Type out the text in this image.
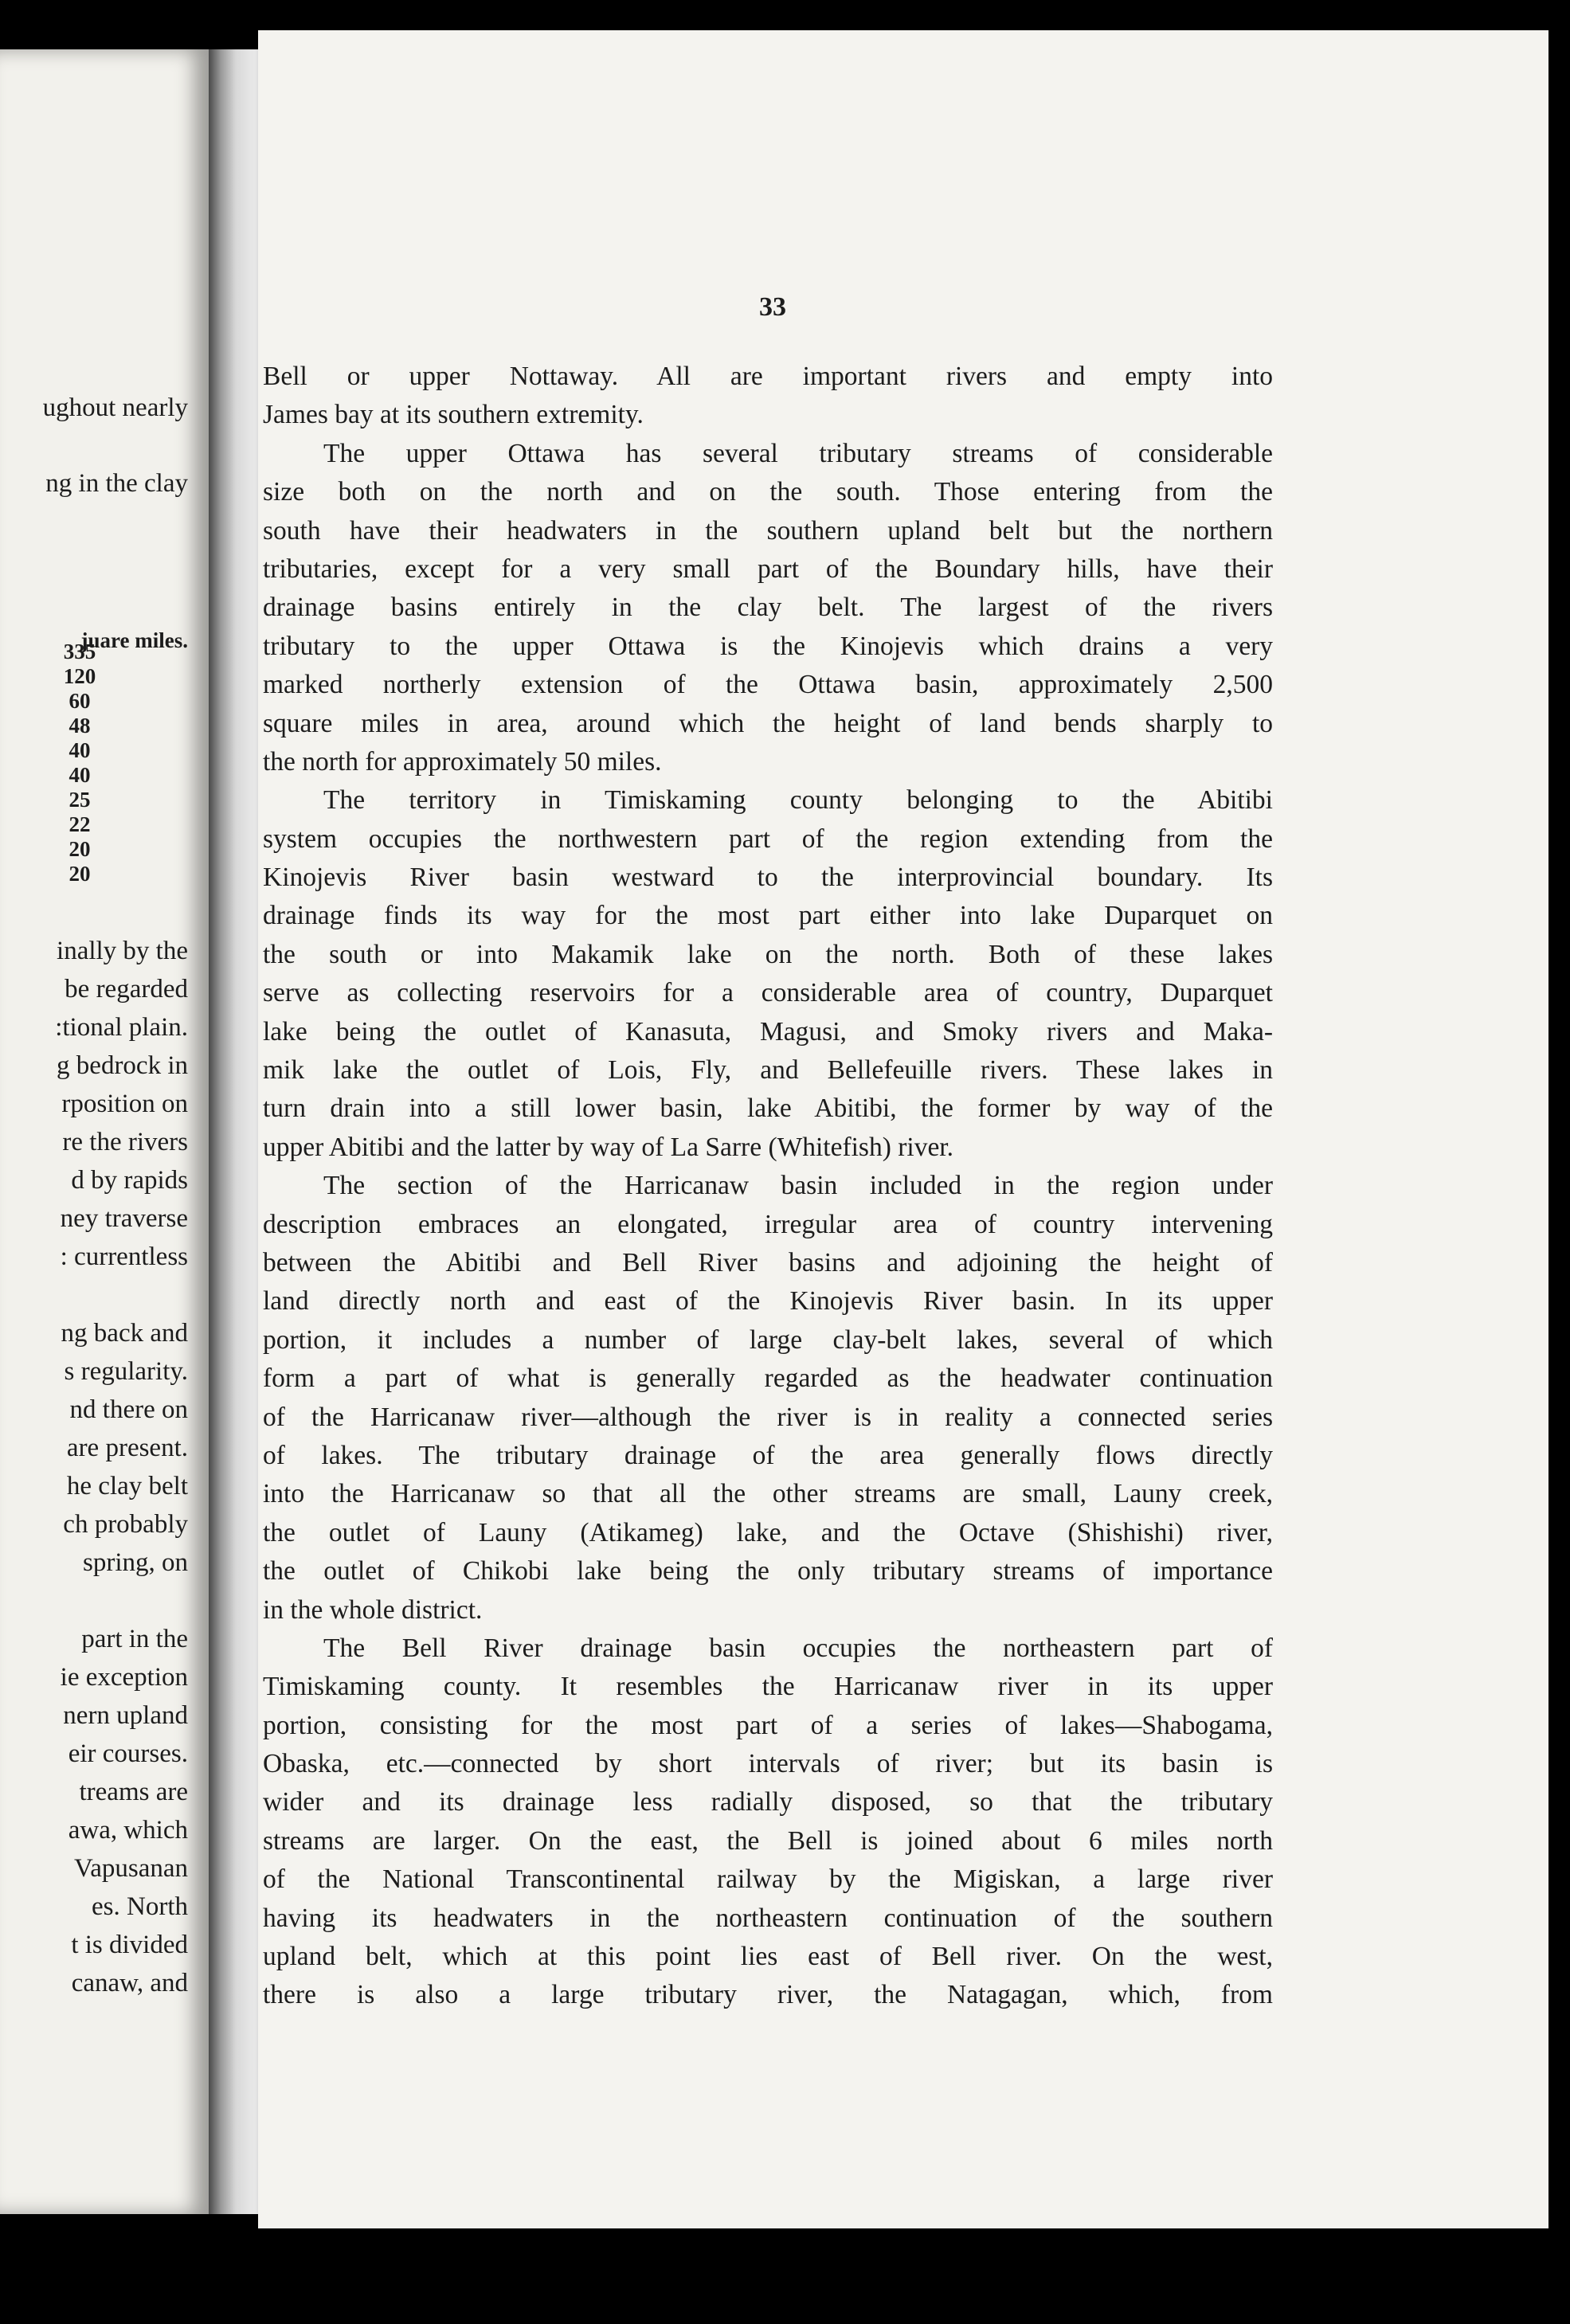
ughout nearly
ng in the clay
juare miles.
335
120
60
48
40
40
25
22
20
20
inally by the
be regarded
:tional plain.
g bedrock in
rposition on
re the rivers
d by rapids
ney traverse
: currentless
ng back and
s regularity.
nd there on
are present.
he clay belt
ch probably
spring, on
part in the
ie exception
nern upland
eir courses.
treams are
awa, which
Vapusanan
es. North
t is divided
canaw, and
33
Bell or upper Nottaway. All are important rivers and empty into
James bay at its southern extremity.
The upper Ottawa has several tributary streams of considerable
size both on the north and on the south. Those entering from the
south have their headwaters in the southern upland belt but the northern
tributaries, except for a very small part of the Boundary hills, have their
drainage basins entirely in the clay belt. The largest of the rivers
tributary to the upper Ottawa is the Kinojevis which drains a very
marked northerly extension of the Ottawa basin, approximately 2,500
square miles in area, around which the height of land bends sharply to
the north for approximately 50 miles.
The territory in Timiskaming county belonging to the Abitibi
system occupies the northwestern part of the region extending from the
Kinojevis River basin westward to the interprovincial boundary. Its
drainage finds its way for the most part either into lake Duparquet on
the south or into Makamik lake on the north. Both of these lakes
serve as collecting reservoirs for a considerable area of country, Duparquet
lake being the outlet of Kanasuta, Magusi, and Smoky rivers and Maka-
mik lake the outlet of Lois, Fly, and Bellefeuille rivers. These lakes in
turn drain into a still lower basin, lake Abitibi, the former by way of the
upper Abitibi and the latter by way of La Sarre (Whitefish) river.
The section of the Harricanaw basin included in the region under
description embraces an elongated, irregular area of country intervening
between the Abitibi and Bell River basins and adjoining the height of
land directly north and east of the Kinojevis River basin. In its upper
portion, it includes a number of large clay-belt lakes, several of which
form a part of what is generally regarded as the headwater continuation
of the Harricanaw river—although the river is in reality a connected series
of lakes. The tributary drainage of the area generally flows directly
into the Harricanaw so that all the other streams are small, Launy creek,
the outlet of Launy (Atikameg) lake, and the Octave (Shishishi) river,
the outlet of Chikobi lake being the only tributary streams of importance
in the whole district.
The Bell River drainage basin occupies the northeastern part of
Timiskaming county. It resembles the Harricanaw river in its upper
portion, consisting for the most part of a series of lakes—Shabogama,
Obaska, etc.—connected by short intervals of river; but its basin is
wider and its drainage less radially disposed, so that the tributary
streams are larger. On the east, the Bell is joined about 6 miles north
of the National Transcontinental railway by the Migiskan, a large river
having its headwaters in the northeastern continuation of the southern
upland belt, which at this point lies east of Bell river. On the west,
there is also a large tributary river, the Natagagan, which, from
